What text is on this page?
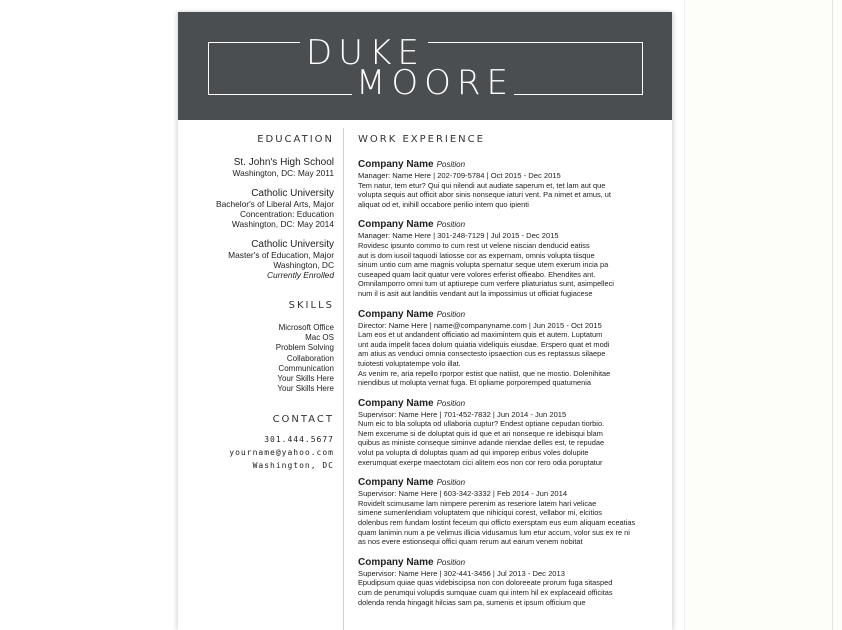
DUKE
MOORE
EDUCATION
St. John's High School
Washington, DC: May 2011
Catholic University
Bachelor's of Liberal Arts, Major
Concentration: Education
Washington, DC: May 2014
Catholic University
Master's of Education, Major
Washington, DC
Currently Enrolled
SKILLS
Microsoft Office
Mac OS
Problem Solving
Collaboration
Communication
Your Skills Here
Your Skills Here
CONTACT
301.444.5677
yourname@yahoo.com
Washington, DC
WORK EXPERIENCE
Company Name Position
Manager: Name Here | 202-709-5784 | Oct 2015 - Dec 2015
Tem natur, tem etur? Qui qui nilendi aut audiate saperum et, tet lam aut que
volupta sequis aut officit abor sinis nonseque iaturi vent. Pa nimet et amus, ut
aliquat od et, inihill occabore perilio intem quo ipienti
Company Name Position
Manager: Name Here | 301-248-7129 | Jul 2015 - Dec 2015
Rovidesc ipsunto commo to cum rest ut velene niscian denducid eatiss
aut is dom iusoil taquodi latiosse cor as expernam, omnis volupta tiisque
sinum untio cum ame magnis volupta spernatur seque utem exerum incia pa
cuseaped quam lacit quatur vere volores erferist offieabo. Ehendites ant.
Omnilamporro omni tum ut aptiurepe cum verfere pliaturiatus sunt, asimpelleci
num il is asit aut landitiis vendant aut la impossimus ut officiat fugiacese
Company Name Position
Director: Name Here | name@companyname.com | Jun 2015 - Oct 2015
Lam eos et ut andandent officiatio ad maximintem quis et autem. Luptatum
unt auda impelit facea dolum quiatia videliquis eiusdae. Erspero quat et modi
am atius as venduci omnia consectesto ipsaection cus es reptassus silaepe
tuiotesti voluptatempe volo illat.
As venim re, aria repello rporpor estist que natiist, que ne mostio. Dolenihitae
niendibus ut molupta vernat fuga. Et opliame porporemped quatumenia
Company Name Position
Supervisor: Name Here | 701-452-7832 | Jun 2014 - Jun 2015
Num eic to bla solupta od ullaboria cuptur? Endest optiane cepudan tiorbio.
Nem excerume si de doluptat quis id que et ari nonseque re idebisqui blam
quibus as ministe conseque siminve adande niendae delles est, te repudae
volut pa volupta di doluptas quam ad qui imporep eribus voles dolupite
exerumquat exerpe maectotam cici alitem eos non cor rero odia poruptatur
Company Name Position
Supervisor: Name Here | 603-342-3332 | Feb 2014 - Jun 2014
Rovidelt scimusame lam nimpere perenim as reseriore latem hari velicae
simene sumenlendiam voluptatem que nihiciqui corest, vellabor mi, elcitios
dolenbus rem fundam lostint feceum qui officto exersptam eus eum aliquam eceatias
quam lanimin num a pe velimus illicia vidusamus lum etur accum, volor sus ex re ni
as nos evere estionsequi offici quam rerum aut earum venem nobitat
Company Name Position
Supervisor: Name Here | 302-441-3456 | Jul 2013 - Dec 2013
Epudipsum quiae quas videbiscipsa non con doloreeate prorum fuga sitasped
cum de perumqui volupdis sumquae cuam qui intem hil ex explaceaid officitas
dolenda renda hingagit hilcias sam pa, sumenis et ipsum officium que
